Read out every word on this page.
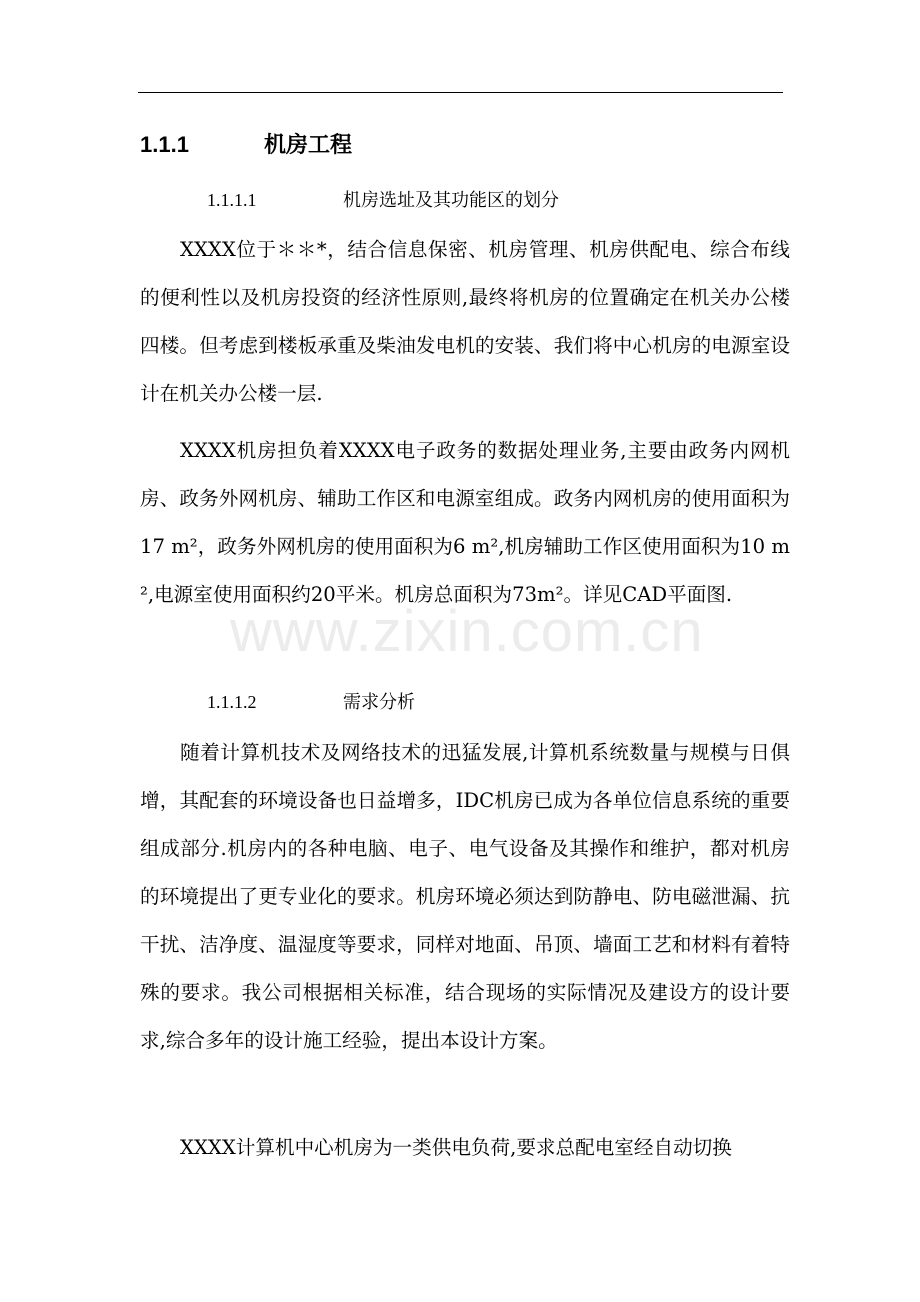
www.zixin.com.cn
1.1.1	机房工程
1.1.1.1	机房选址及其功能区的划分

XXXX位于＊＊*，结合信息保密、机房管理、机房供配电、综合布线的便利性以及机房投资的经济性原则,最终将机房的位置确定在机关办公楼四楼。但考虑到楼板承重及柴油发电机的安装、我们将中心机房的电源室设计在机关办公楼一层.

XXXX机房担负着XXXX电子政务的数据处理业务,主要由政务内网机房、政务外网机房、辅助工作区和电源室组成。政务内网机房的使用面积为17 m²，政务外网机房的使用面积为6 m²,机房辅助工作区使用面积为10 m²,电源室使用面积约20平米。机房总面积为73m²。详见CAD平面图.

1.1.1.2	需求分析

随着计算机技术及网络技术的迅猛发展,计算机系统数量与规模与日俱增，其配套的环境设备也日益增多，IDC机房已成为各单位信息系统的重要组成部分.机房内的各种电脑、电子、电气设备及其操作和维护，都对机房的环境提出了更专业化的要求。机房环境必须达到防静电、防电磁泄漏、抗干扰、洁净度、温湿度等要求，同样对地面、吊顶、墙面工艺和材料有着特殊的要求。我公司根据相关标准，结合现场的实际情况及建设方的设计要求,综合多年的设计施工经验，提出本设计方案。

XXXX计算机中心机房为一类供电负荷,要求总配电室经自动切换
